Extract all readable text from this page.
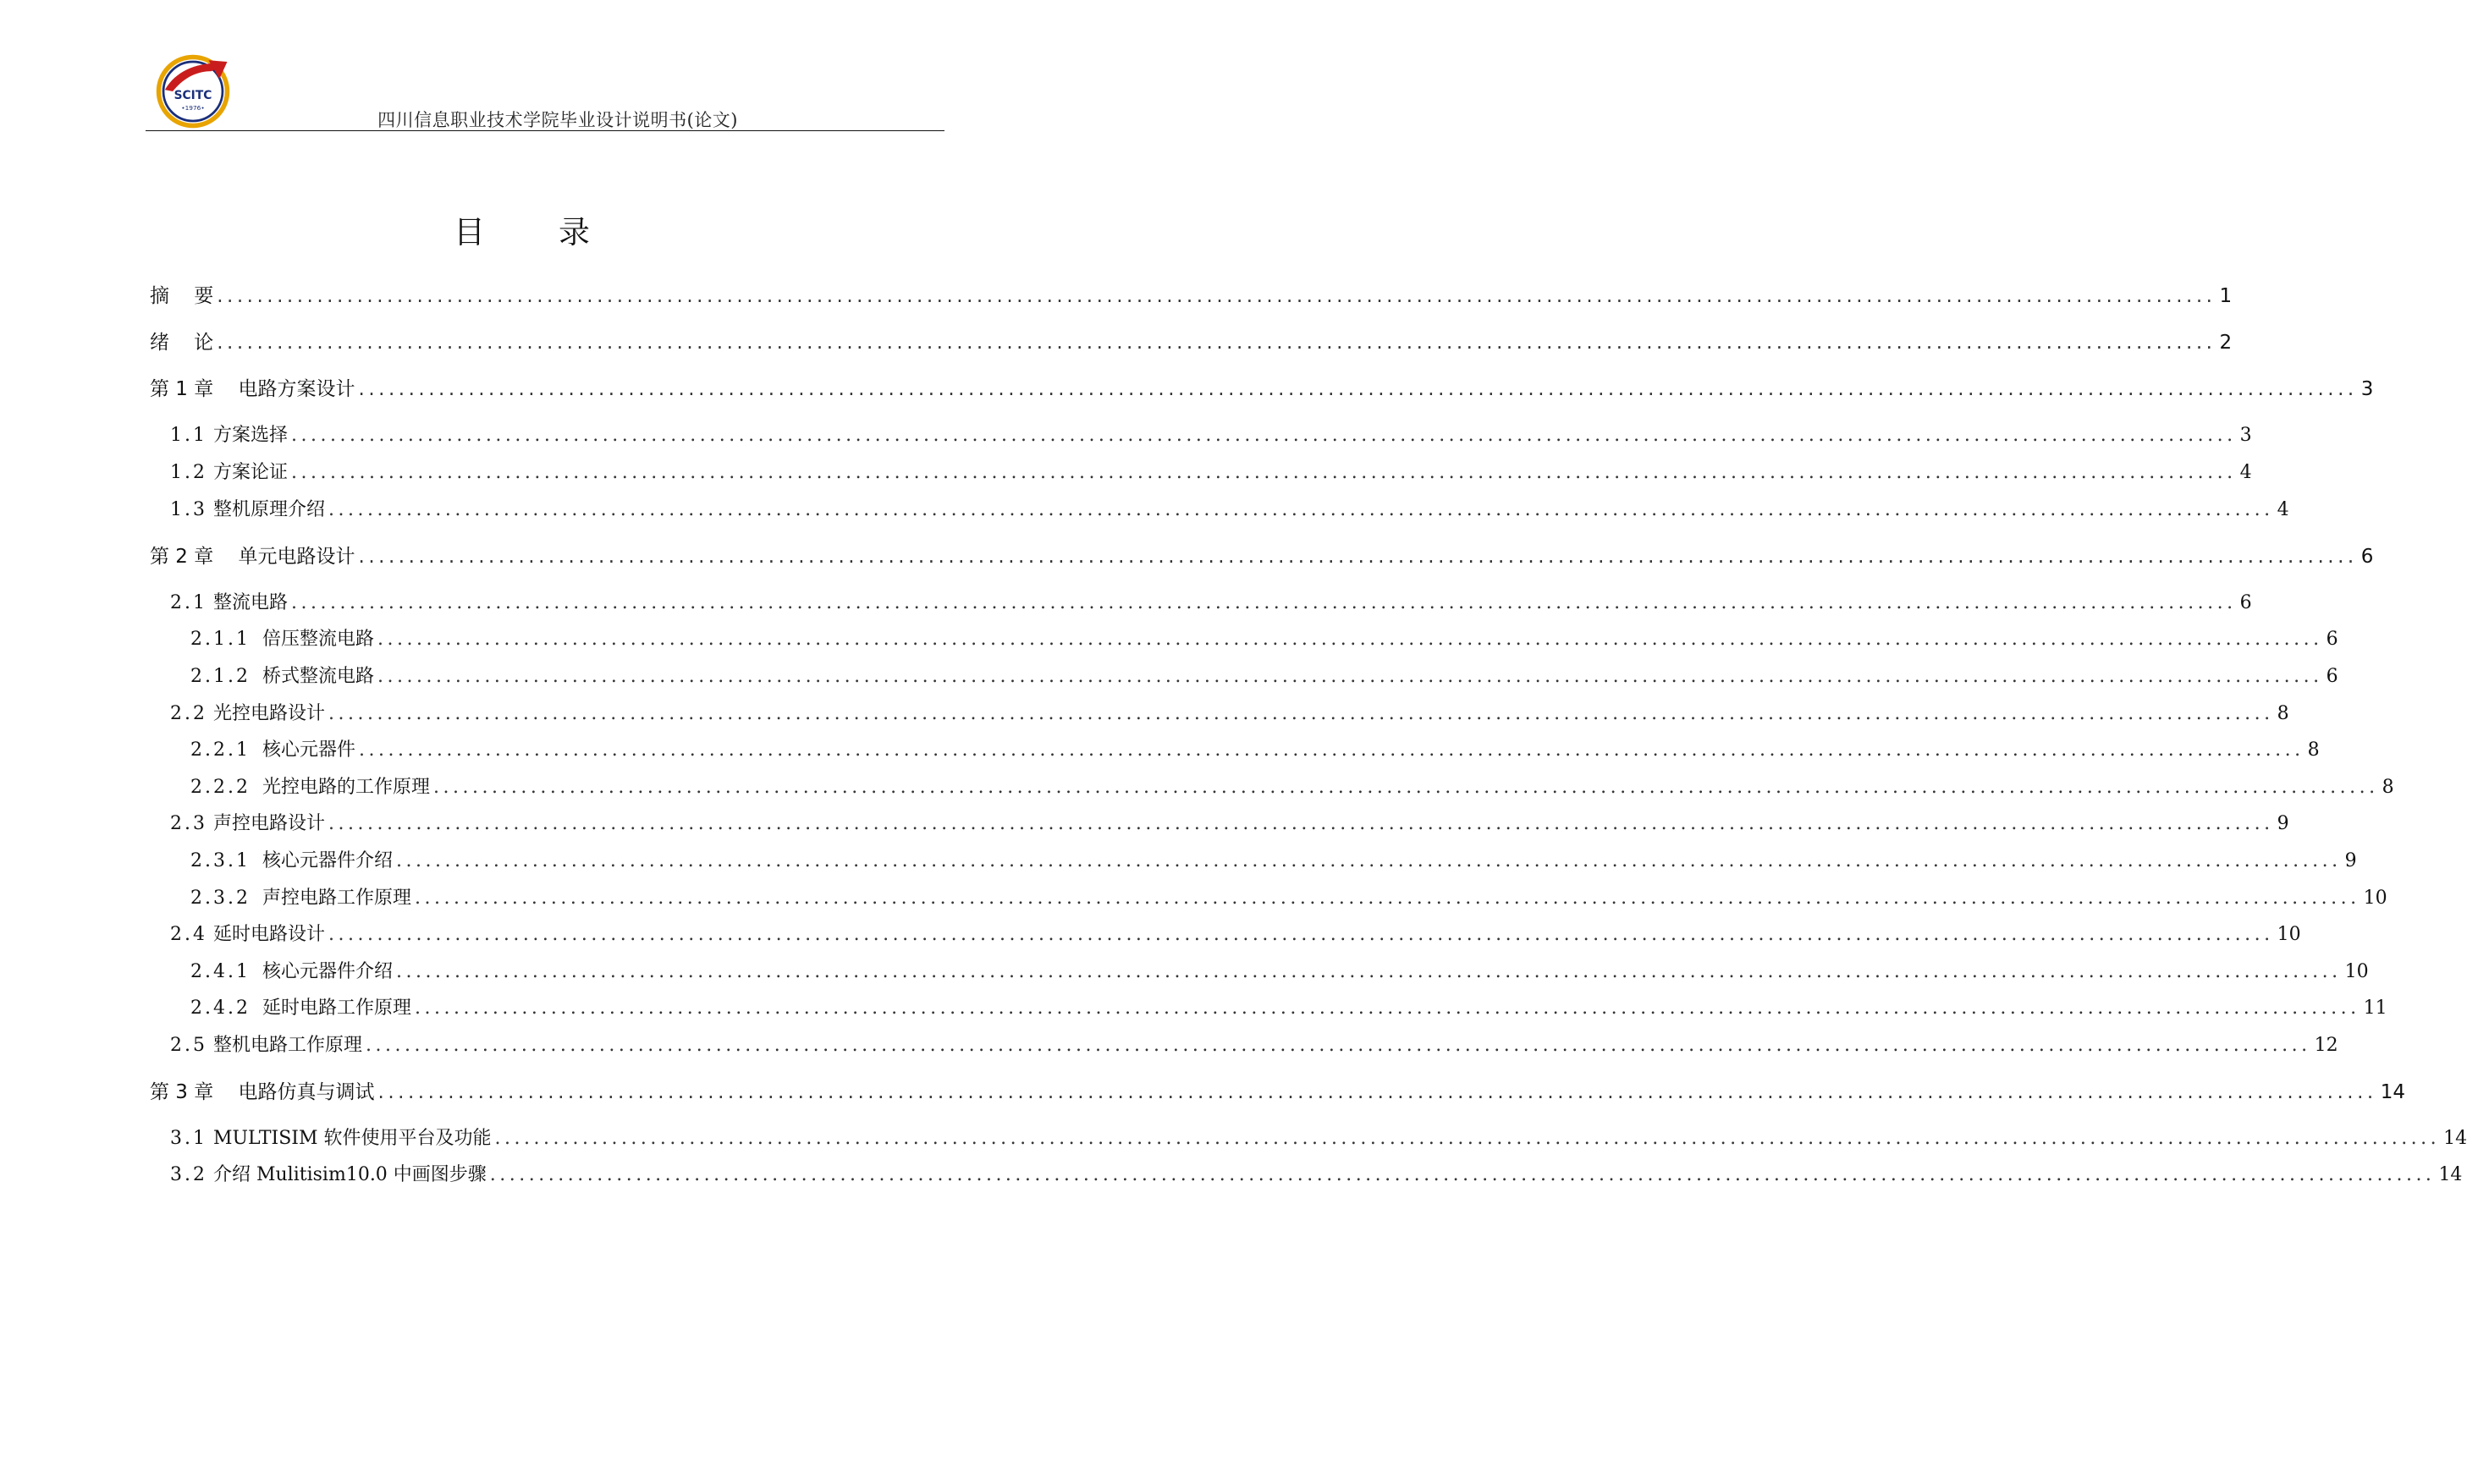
SCITC
•1976•
四川信息职业技术学院毕业设计说明书(论文)
目    录
摘    要 ........................................................................................................................................................................................................ 1
绪    论 ........................................................................................................................................................................................................ 2
第 1 章 电路方案设计 ........................................................................................................................................................................................................ 3
1.1 方案选择 ........................................................................................................................................................................................................ 3
1.2 方案论证 ........................................................................................................................................................................................................ 4
1.3 整机原理介绍 ........................................................................................................................................................................................................ 4
第 2 章 单元电路设计 ........................................................................................................................................................................................................ 6
2.1 整流电路 ........................................................................................................................................................................................................ 6
2.1.1 倍压整流电路 ........................................................................................................................................................................................................ 6
2.1.2 桥式整流电路 ........................................................................................................................................................................................................ 6
2.2 光控电路设计 ........................................................................................................................................................................................................ 8
2.2.1 核心元器件 ........................................................................................................................................................................................................ 8
2.2.2 光控电路的工作原理 ........................................................................................................................................................................................................ 8
2.3 声控电路设计 ........................................................................................................................................................................................................ 9
2.3.1 核心元器件介绍 ........................................................................................................................................................................................................ 9
2.3.2 声控电路工作原理 ........................................................................................................................................................................................................ 10
2.4 延时电路设计 ........................................................................................................................................................................................................ 10
2.4.1 核心元器件介绍 ........................................................................................................................................................................................................ 10
2.4.2 延时电路工作原理 ........................................................................................................................................................................................................ 11
2.5 整机电路工作原理 ........................................................................................................................................................................................................ 12
第 3 章 电路仿真与调试 ........................................................................................................................................................................................................ 14
3.1 MULTISIM 软件使用平台及功能 ........................................................................................................................................................................................................ 14
3.2 介绍 Mulitisim10.0 中画图步骤 ........................................................................................................................................................................................................ 14
